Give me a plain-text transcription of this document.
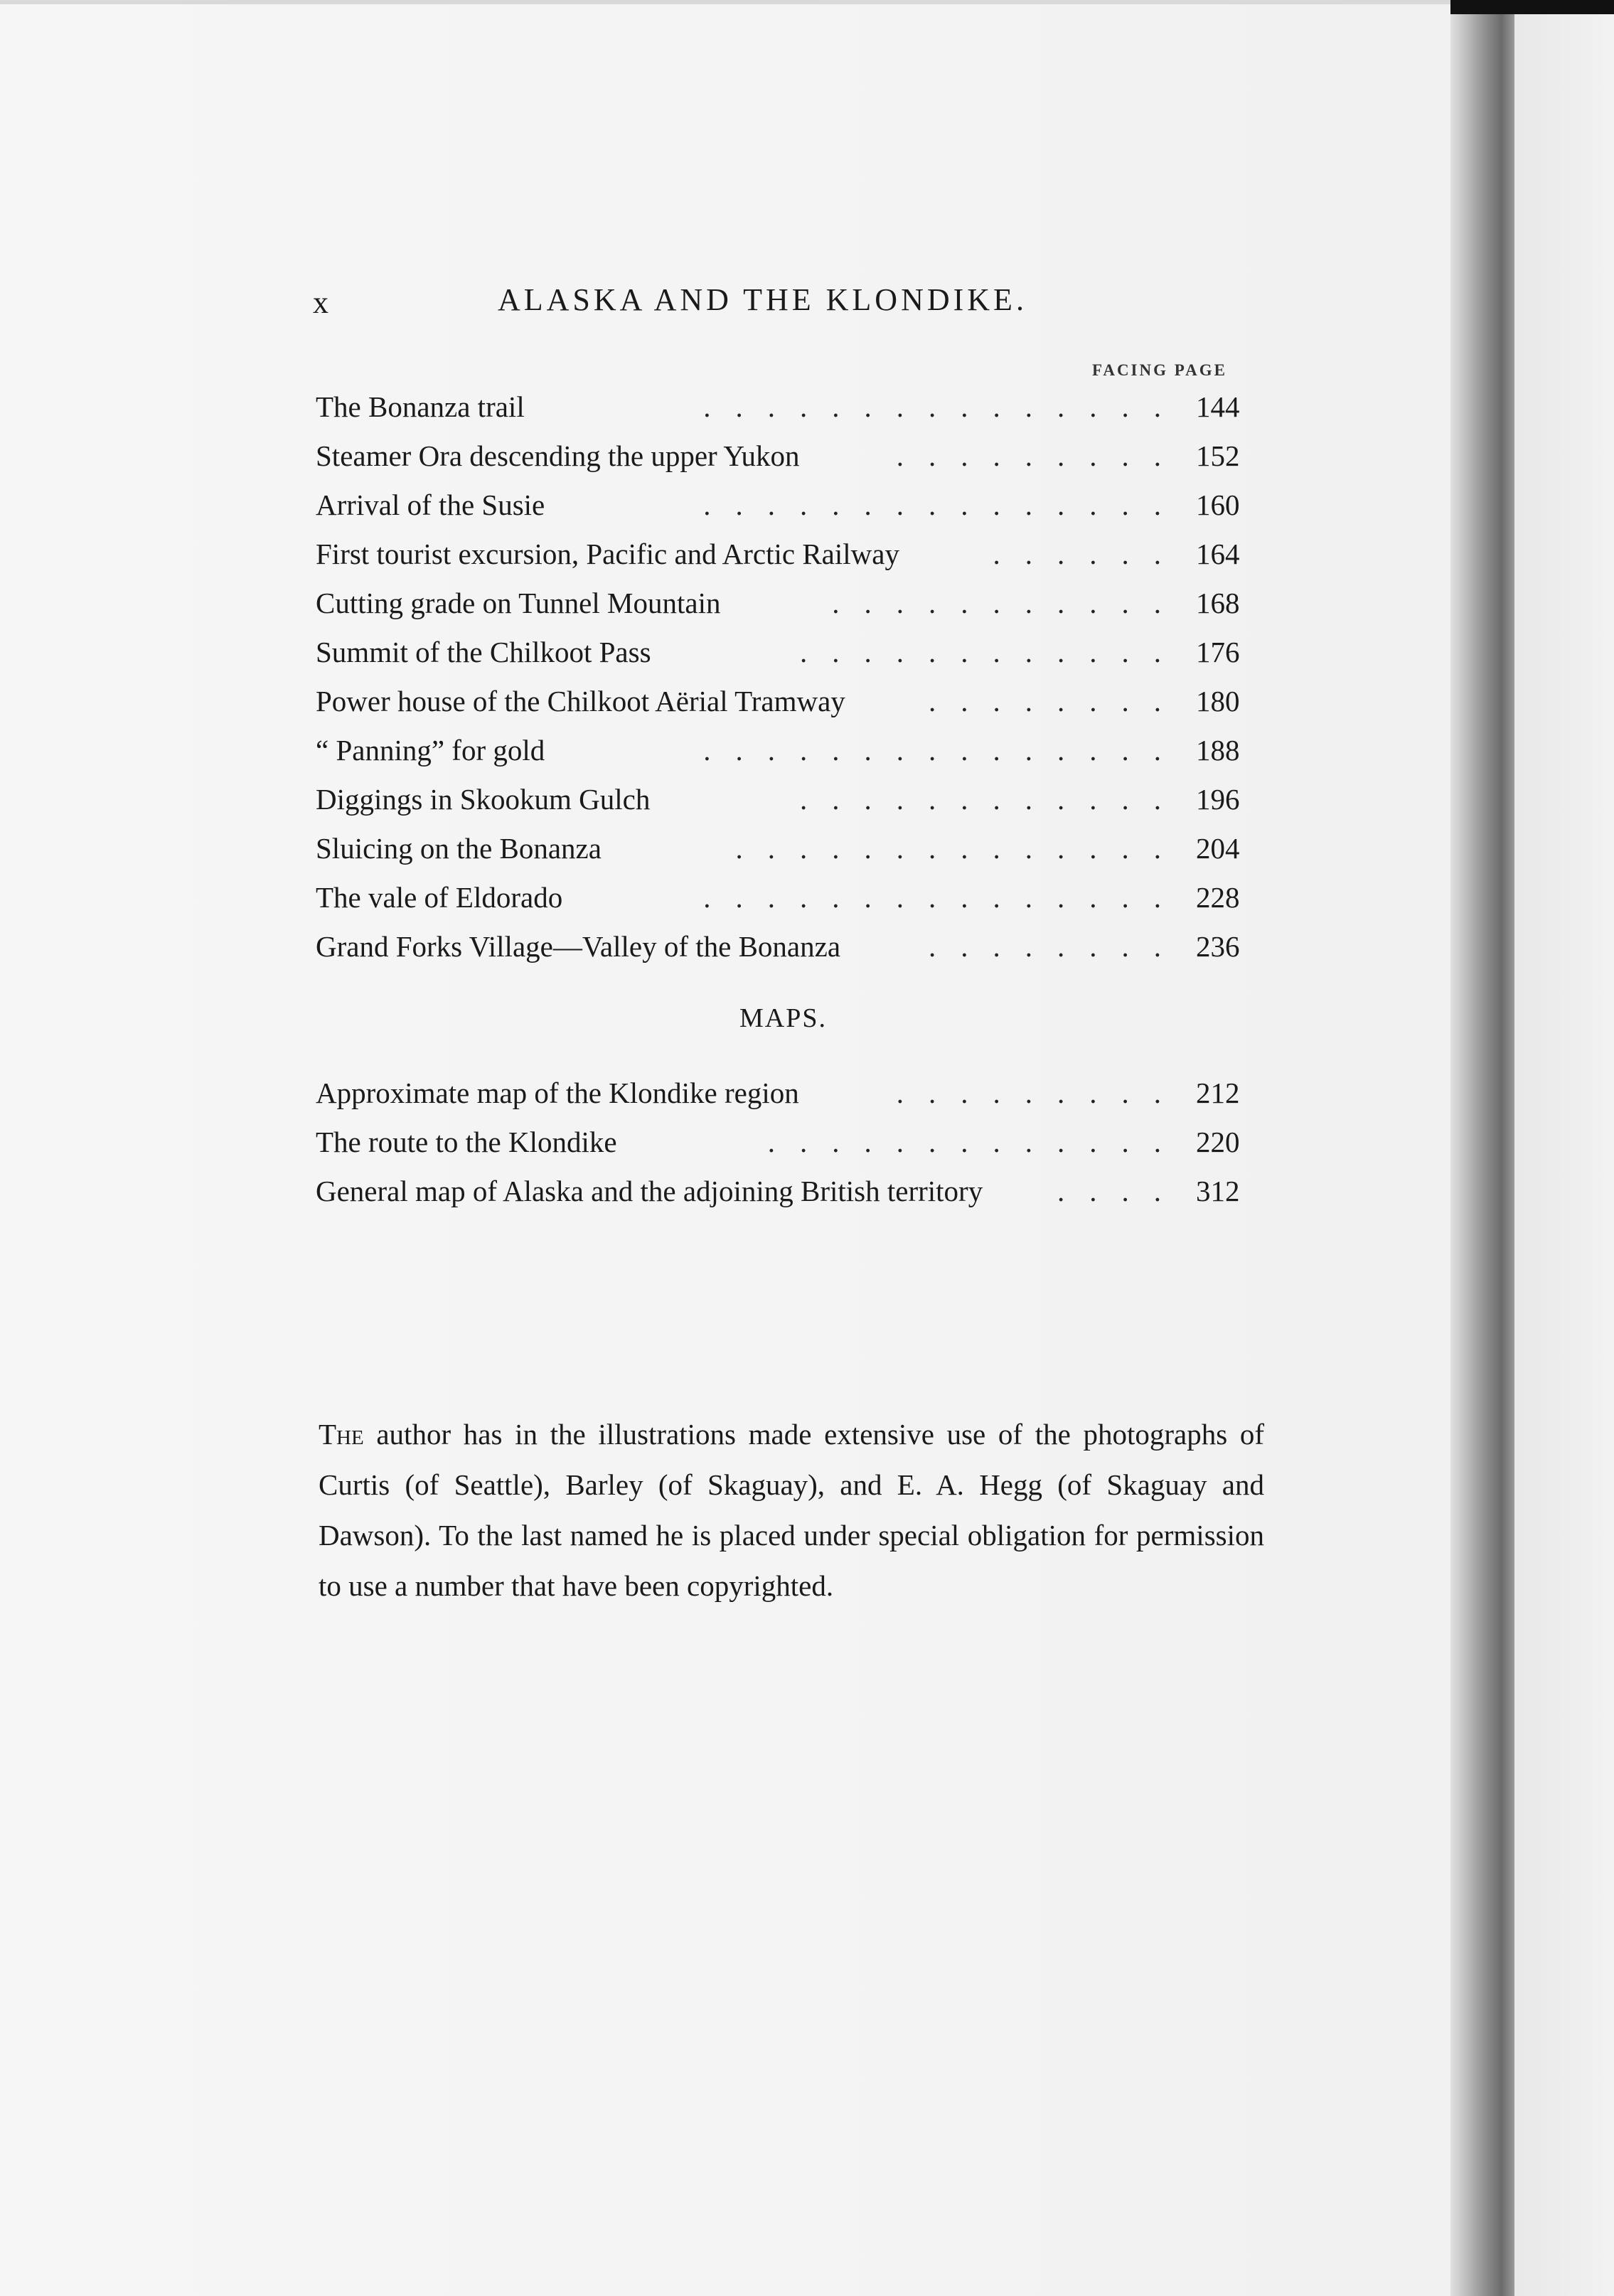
x	ALASKA AND THE KLONDIKE.
FACING PAGE
The Bonanza trail	............... 144
Steamer Ora descending the upper Yukon	......... 152
Arrival of the Susie	............... 160
First tourist excursion, Pacific and Arctic Railway	...... 164
Cutting grade on Tunnel Mountain	........... 168
Summit of the Chilkoot Pass	............ 176
Power house of the Chilkoot Aërial Tramway	........ 180
“ Panning” for gold	............... 188
Diggings in Skookum Gulch	............ 196
Sluicing on the Bonanza	.............. 204
The vale of Eldorado	............... 228
Grand Forks Village—Valley of the Bonanza	........ 236
MAPS.
Approximate map of the Klondike region	......... 212
The route to the Klondike	............. 220
General map of Alaska and the adjoining British territory	.... 312
The author has in the illustrations made extensive use of the photographs of Curtis (of Seattle), Barley (of Skaguay), and E. A. Hegg (of Skaguay and Dawson). To the last named he is placed under special obligation for permission to use a number that have been copyrighted.
